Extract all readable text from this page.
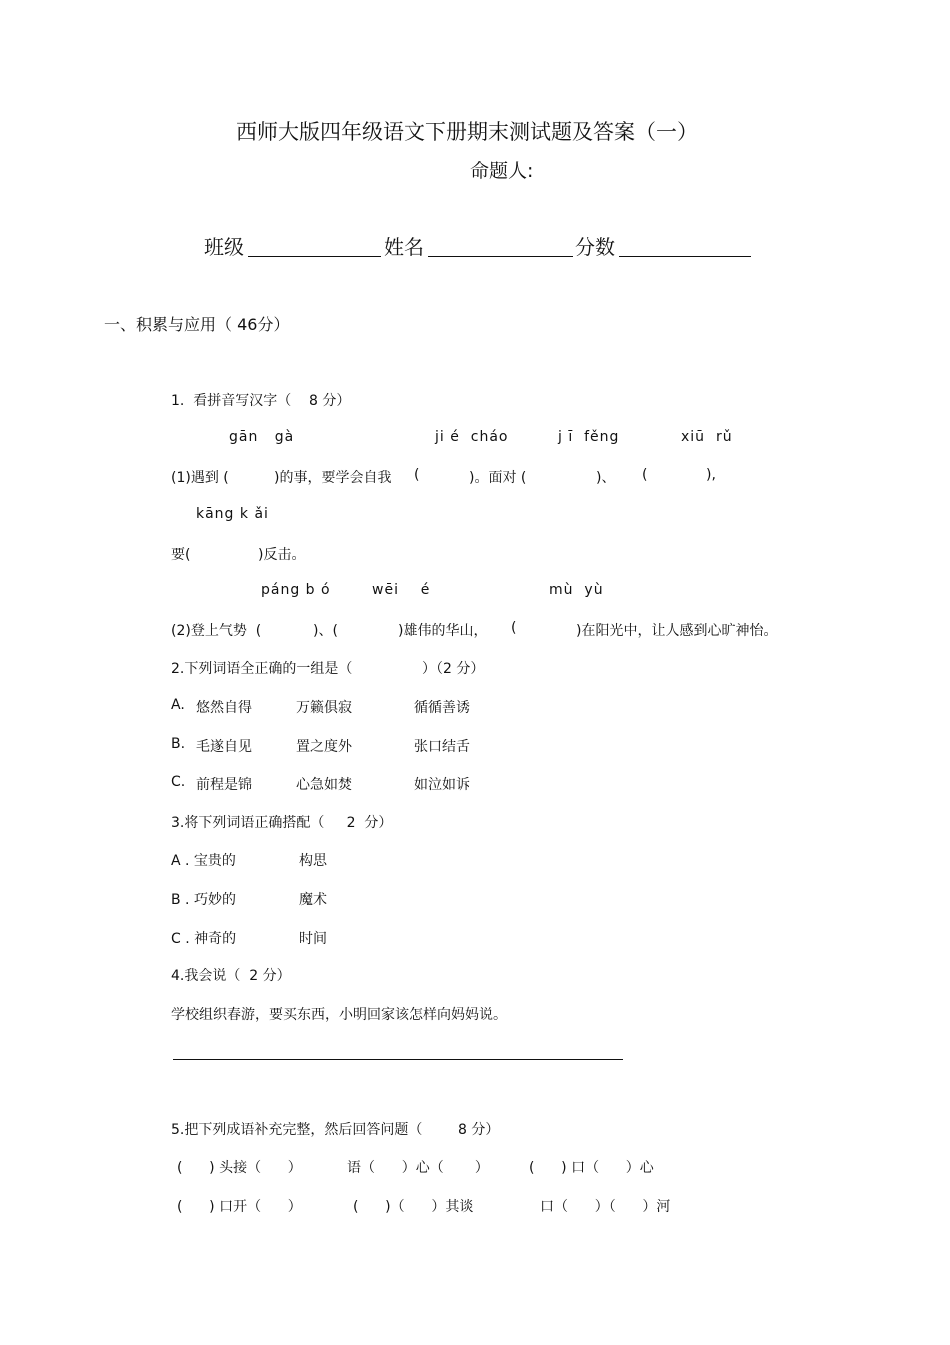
西师大版四年级语文下册期末测试题及答案（一）
命题人:
班级	姓名	分数
一、积累与应用（ 46分）
1.  看拼音写汉字（    8 分）
gān   gà	ji é  cháo	j ī  fěng	xiū  rǔ
(1)遇到 (	)的事，要学会自我 (	)。面对 (	)、 (	),
kāng k ǎi
要(	)反击。
páng b ó	wēi    é	mù  yù
(2)登上气势  (	)、(	)雄伟的华山， (	)在阳光中，让人感到心旷神怡。
2.下列词语全正确的一组是（	）（2 分）
A. 悠然自得	万籁俱寂	循循善诱
B. 毛遂自见	置之度外	张口结舌
C. 前程是锦	心急如焚	如泣如诉
3.将下列词语正确搭配（     2  分）
A . 宝贵的	构思
B . 巧妙的	魔术
C . 神奇的	时间
4.我会说（  2 分）
学校组织春游，要买东西，小明回家该怎样向妈妈说。
5.把下列成语补充完整，然后回答问题（        8 分）
(      ) 头接（      ）	语（      ）心（       ）	(      ) 口（      ）心
(      ) 口开（      ）	(      )（      ）其谈	口（      ）（      ）河
